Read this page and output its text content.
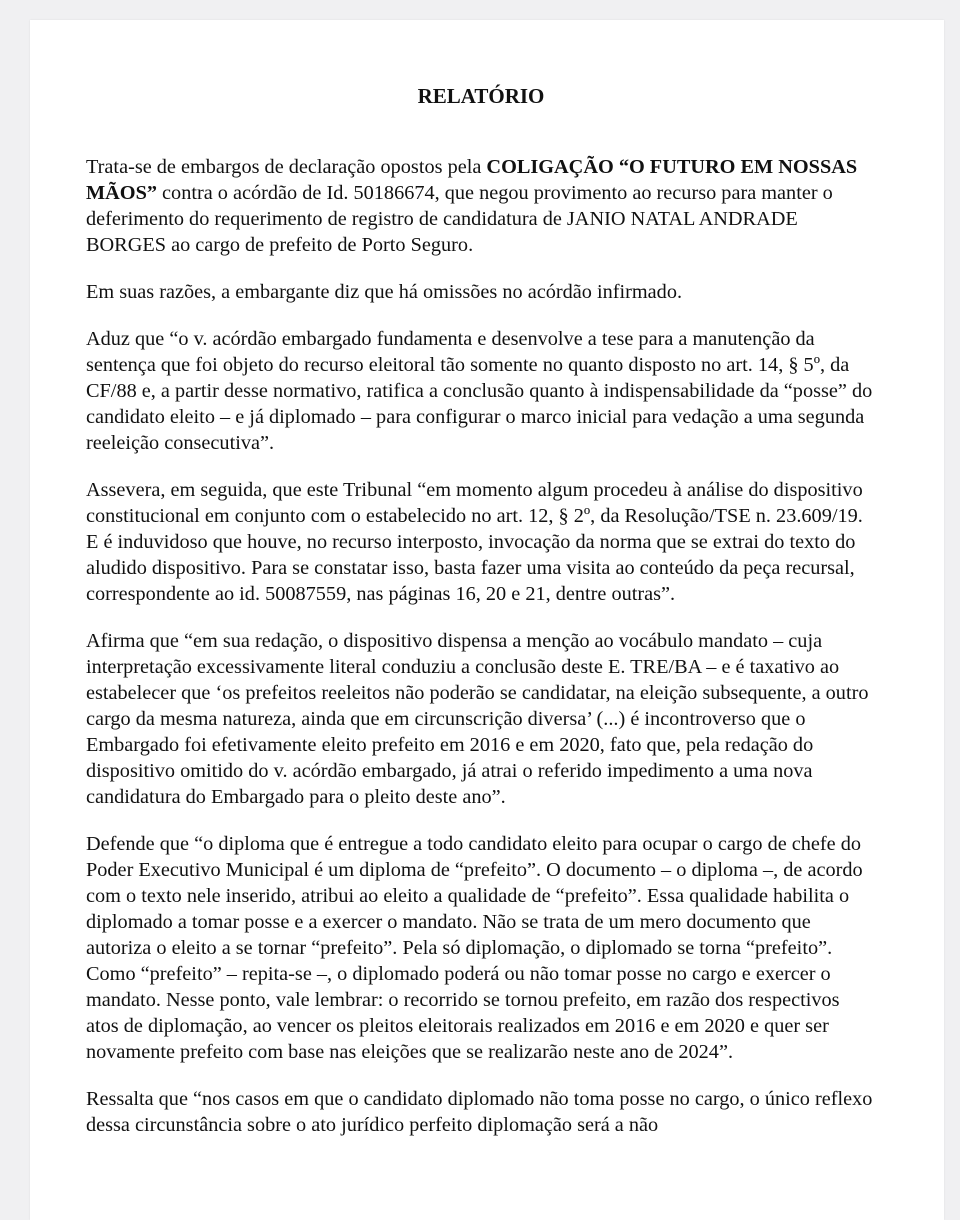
RELATÓRIO

Trata-se de embargos de declaração opostos pela COLIGAÇÃO “O FUTURO EM NOSSAS MÃOS” contra o acórdão de Id. 50186674, que negou provimento ao recurso para manter o deferimento do requerimento de registro de candidatura de JANIO NATAL ANDRADE BORGES ao cargo de prefeito de Porto Seguro.

Em suas razões, a embargante diz que há omissões no acórdão infirmado.

Aduz que “o v. acórdão embargado fundamenta e desenvolve a tese para a manutenção da sentença que foi objeto do recurso eleitoral tão somente no quanto disposto no art. 14, § 5º, da CF/88 e, a partir desse normativo, ratifica a conclusão quanto à indispensabilidade da “posse” do candidato eleito – e já diplomado – para configurar o marco inicial para vedação a uma segunda reeleição consecutiva”.

Assevera, em seguida, que este Tribunal “em momento algum procedeu à análise do dispositivo constitucional em conjunto com o estabelecido no art. 12, § 2º, da Resolução/TSE n. 23.609/19. E é induvidoso que houve, no recurso interposto, invocação da norma que se extrai do texto do aludido dispositivo. Para se constatar isso, basta fazer uma visita ao conteúdo da peça recursal, correspondente ao id. 50087559, nas páginas 16, 20 e 21, dentre outras”.

Afirma que “em sua redação, o dispositivo dispensa a menção ao vocábulo mandato – cuja interpretação excessivamente literal conduziu a conclusão deste E. TRE/BA – e é taxativo ao estabelecer que ‘os prefeitos reeleitos não poderão se candidatar, na eleição subsequente, a outro cargo da mesma natureza, ainda que em circunscrição diversa’ (...) é incontroverso que o Embargado foi efetivamente eleito prefeito em 2016 e em 2020, fato que, pela redação do dispositivo omitido do v. acórdão embargado, já atrai o referido impedimento a uma nova candidatura do Embargado para o pleito deste ano”.

Defende que “o diploma que é entregue a todo candidato eleito para ocupar o cargo de chefe do Poder Executivo Municipal é um diploma de “prefeito”. O documento – o diploma –, de acordo com o texto nele inserido, atribui ao eleito a qualidade de “prefeito”. Essa qualidade habilita o diplomado a tomar posse e a exercer o mandato. Não se trata de um mero documento que autoriza o eleito a se tornar “prefeito”. Pela só diplomação, o diplomado se torna “prefeito”. Como “prefeito” – repita-se –, o diplomado poderá ou não tomar posse no cargo e exercer o mandato. Nesse ponto, vale lembrar: o recorrido se tornou prefeito, em razão dos respectivos atos de diplomação, ao vencer os pleitos eleitorais realizados em 2016 e em 2020 e quer ser novamente prefeito com base nas eleições que se realizarão neste ano de 2024”.

Ressalta que “nos casos em que o candidato diplomado não toma posse no cargo, o único reflexo dessa circunstância sobre o ato jurídico perfeito diplomação será a não
